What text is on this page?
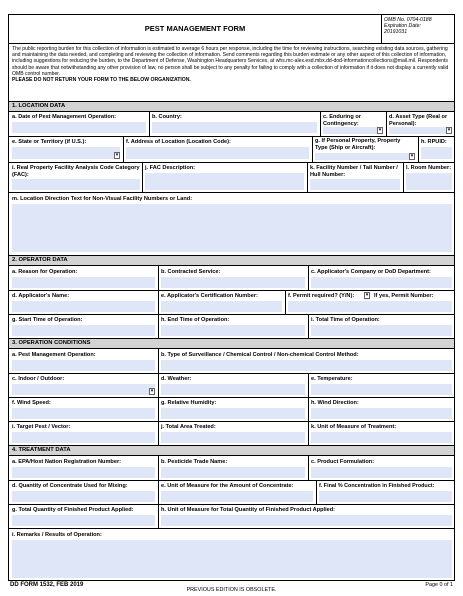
PEST MANAGEMENT FORM
OMB No. 0704-0188
Expiration Date:
20191031
The public reporting burden for this collection of information is estimated to average 6 hours per response, including the time for reviewing instructions, searching existing data sources, gathering and maintaining the data needed, and completing and reviewing the collection of information. Send comments regarding this burden estimate or any other aspect of this collection of information, including suggestions for reducing the burden, to the Department of Defense, Washington Headquarters Services, at whs.mc-alex.esd.mbx.dd-dod-informationcollections@mail.mil. Respondents should be aware that notwithstanding any other provision of law, no person shall be subject to any penalty for failing to comply with a collection of information if it does not display a currently valid OMB control number.
PLEASE DO NOT RETURN YOUR FORM TO THE BELOW ORGANIZATION.
1. LOCATION DATA
a. Date of Pest Management Operation:	b. Country:	c. Enduring or Contingency:
▾
d. Asset Type (Real or Personal):
▾
e. State or Territory (if U.S.):
▾	f. Address of Location (Location Code):	g. If Personal Property, Property Type (Ship or Aircraft):
▾
h. RPUID:
i. Real Property Facility Analysis Code Category (FAC):
j. FAC Description:	k. Facility Number / Tail Number / Hull Number:
l. Room Number:
m. Location Direction Text for Non-Visual Facility Numbers or Land:
2. OPERATOR DATA
a. Reason for Operation:	b. Contracted Service:	c. Applicator's Company or DoD Department:
d. Applicator's Name:	e. Applicator's Certification Number:	f. Permit required? (Y/N):
▾	If yes, Permit Number:
g. Start Time of Operation:	h. End Time of Operation:	i. Total Time of Operation:
3. OPERATION CONDITIONS
a. Pest Management Operation:	b. Type of Surveillance / Chemical Control / Non-chemical Control Method:
c. Indoor / Outdoor:
▾	d. Weather:	e. Temperature:
f. Wind Speed:	g. Relative Humidity:	h. Wind Direction:
i. Target Pest / Vector:	j. Total Area Treated:	k. Unit of Measure of Treatment:
4. TREATMENT DATA
a. EPA/Host Nation Registration Number:	b. Pesticide Trade Name:	c. Product Formulation:
d. Quantity of Concentrate Used for Mixing:	e. Unit of Measure for the Amount of Concentrate:	f. Final % Concentration in Finished Product:
g. Total Quantity of Finished Product Applied:	h. Unit of Measure for Total Quantity of Finished Product Applied:
i. Remarks / Results of Operation:
DD FORM 1532, FEB 2019
PREVIOUS EDITION IS OBSOLETE.
Page 0 of 1
